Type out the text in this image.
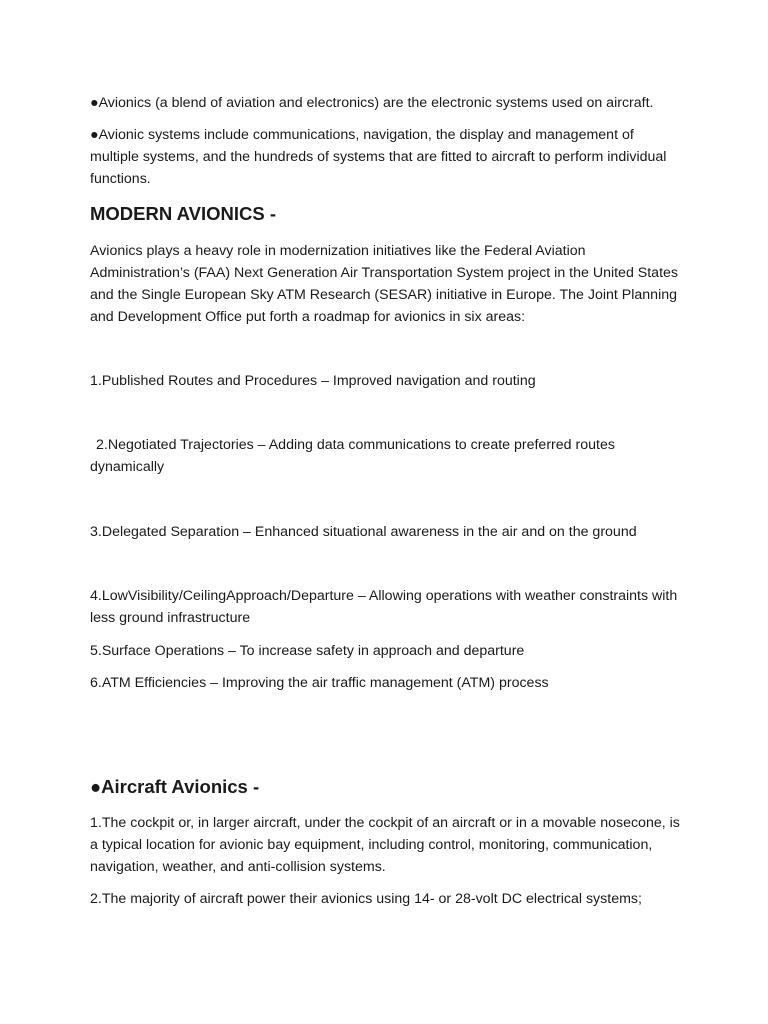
●Avionics (a blend of aviation and electronics) are the electronic systems used on aircraft.

●Avionic systems include communications, navigation, the display and management of multiple systems, and the hundreds of systems that are fitted to aircraft to perform individual functions.

MODERN AVIONICS -

Avionics plays a heavy role in modernization initiatives like the Federal Aviation Administration’s (FAA) Next Generation Air Transportation System project in the United States and the Single European Sky ATM Research (SESAR) initiative in Europe. The Joint Planning and Development Office put forth a roadmap for avionics in six areas:

1.Published Routes and Procedures – Improved navigation and routing

2.Negotiated Trajectories – Adding data communications to create preferred routes dynamically

3.Delegated Separation – Enhanced situational awareness in the air and on the ground

4.LowVisibility/CeilingApproach/Departure – Allowing operations with weather constraints with less ground infrastructure

5.Surface Operations – To increase safety in approach and departure

6.ATM Efficiencies – Improving the air traffic management (ATM) process

●Aircraft Avionics -

1.The cockpit or, in larger aircraft, under the cockpit of an aircraft or in a movable nosecone, is a typical location for avionic bay equipment, including control, monitoring, communication, navigation, weather, and anti-collision systems.

2.The majority of aircraft power their avionics using 14- or 28-volt DC electrical systems;
